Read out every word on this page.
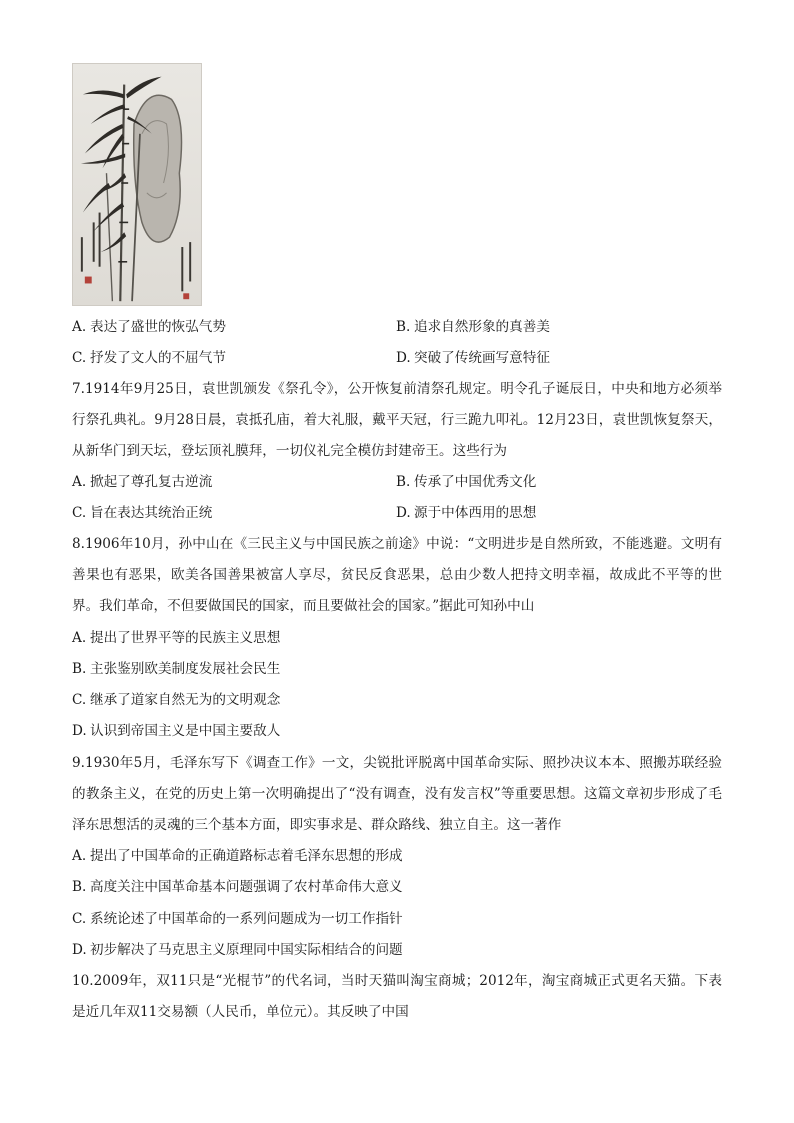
A. 表达了盛世的恢弘气势	B. 追求自然形象的真善美
C. 抒发了文人的不屈气节	D. 突破了传统画写意特征
7.1914年9月25日，袁世凯颁发《祭孔令》，公开恢复前清祭孔规定。明令孔子诞辰日，中央和地方必须举行祭孔典礼。9月28日晨，袁抵孔庙，着大礼服，戴平天冠，行三跪九叩礼。12月23日，袁世凯恢复祭天，从新华门到天坛，登坛顶礼膜拜，一切仪礼完全模仿封建帝王。这些行为
A. 掀起了尊孔复古逆流	B. 传承了中国优秀文化
C. 旨在表达其统治正统	D. 源于中体西用的思想
8.1906年10月，孙中山在《三民主义与中国民族之前途》中说：“文明进步是自然所致，不能逃避。文明有善果也有恶果，欧美各国善果被富人享尽，贫民反食恶果，总由少数人把持文明幸福，故成此不平等的世界。我们革命，不但要做国民的国家，而且要做社会的国家。”据此可知孙中山
A. 提出了世界平等的民族主义思想
B. 主张鉴别欧美制度发展社会民生
C. 继承了道家自然无为的文明观念
D. 认识到帝国主义是中国主要敌人
9.1930年5月，毛泽东写下《调查工作》一文，尖锐批评脱离中国革命实际、照抄决议本本、照搬苏联经验的教条主义，在党的历史上第一次明确提出了“没有调查，没有发言权”等重要思想。这篇文章初步形成了毛泽东思想活的灵魂的三个基本方面，即实事求是、群众路线、独立自主。这一著作
A. 提出了中国革命的正确道路标志着毛泽东思想的形成
B. 高度关注中国革命基本问题强调了农村革命伟大意义
C. 系统论述了中国革命的一系列问题成为一切工作指针
D. 初步解决了马克思主义原理同中国实际相结合的问题
10.2009年，双11只是“光棍节”的代名词，当时天猫叫淘宝商城；2012年，淘宝商城正式更名天猫。下表是近几年双11交易额（人民币，单位元）。其反映了中国
